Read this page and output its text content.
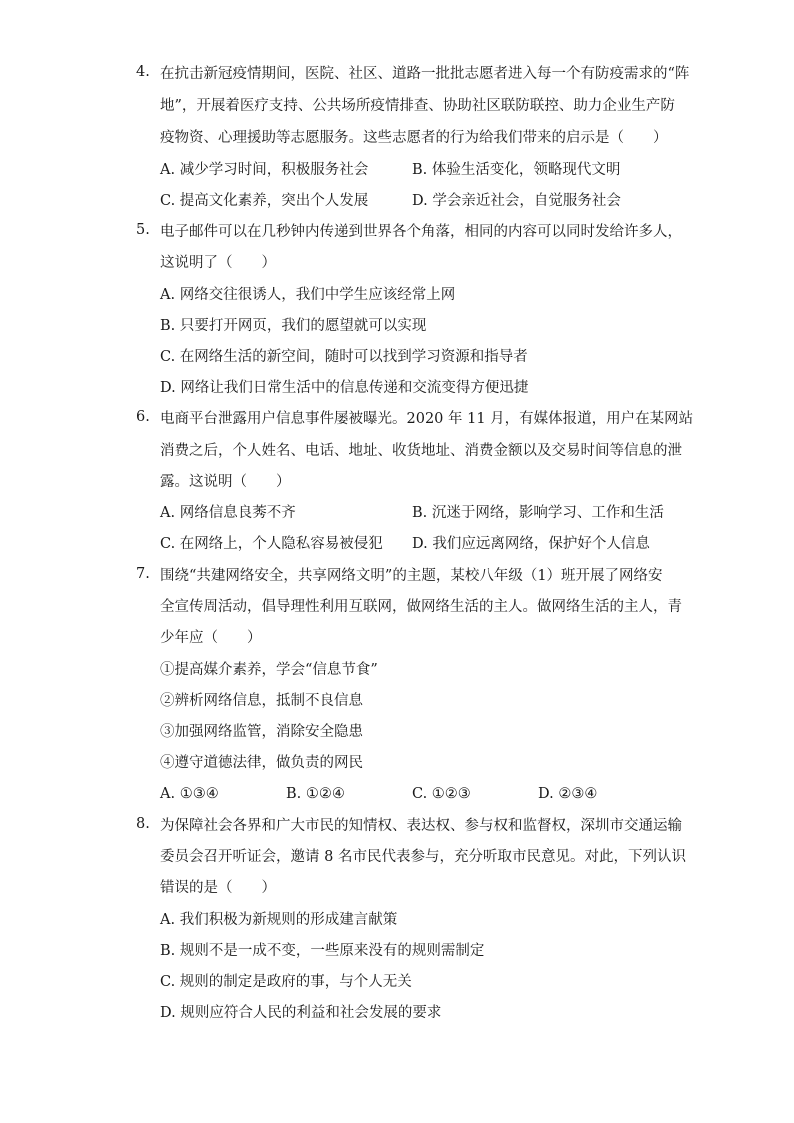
4. 在抗击新冠疫情期间，医院、社区、道路一批批志愿者进入每一个有防疫需求的“阵
地”，开展着医疗支持、公共场所疫情排查、协助社区联防联控、助力企业生产防
疫物资、心理援助等志愿服务。这些志愿者的行为给我们带来的启示是（　　）
A. 减少学习时间，积极服务社会	B. 体验生活变化，领略现代文明
C. 提高文化素养，突出个人发展	D. 学会亲近社会，自觉服务社会
5. 电子邮件可以在几秒钟内传递到世界各个角落，相同的内容可以同时发给许多人，
这说明了（　　）
A. 网络交往很诱人，我们中学生应该经常上网
B. 只要打开网页，我们的愿望就可以实现
C. 在网络生活的新空间，随时可以找到学习资源和指导者
D. 网络让我们日常生活中的信息传递和交流变得方便迅捷
6. 电商平台泄露用户信息事件屡被曝光。2020 年 11 月，有媒体报道，用户在某网站
消费之后，个人姓名、电话、地址、收货地址、消费金额以及交易时间等信息的泄
露。这说明（　　）
A. 网络信息良莠不齐	B. 沉迷于网络，影响学习、工作和生活
C. 在网络上，个人隐私容易被侵犯 D. 我们应远离网络，保护好个人信息
7. 围绕“共建网络安全，共享网络文明”的主题，某校八年级（1）班开展了网络安
全宣传周活动，倡导理性利用互联网，做网络生活的主人。做网络生活的主人，青
少年应（　　）
①提高媒介素养，学会“信息节食”
②辨析网络信息，抵制不良信息
③加强网络监管，消除安全隐患
④遵守道德法律，做负责的网民
A. ①③④	B. ①②④	C. ①②③	D. ②③④
8. 为保障社会各界和广大市民的知情权、表达权、参与权和监督权，深圳市交通运输
委员会召开听证会，邀请 8 名市民代表参与，充分听取市民意见。对此，下列认识
错误的是（　　）
A. 我们积极为新规则的形成建言献策
B. 规则不是一成不变，一些原来没有的规则需制定
C. 规则的制定是政府的事，与个人无关
D. 规则应符合人民的利益和社会发展的要求
